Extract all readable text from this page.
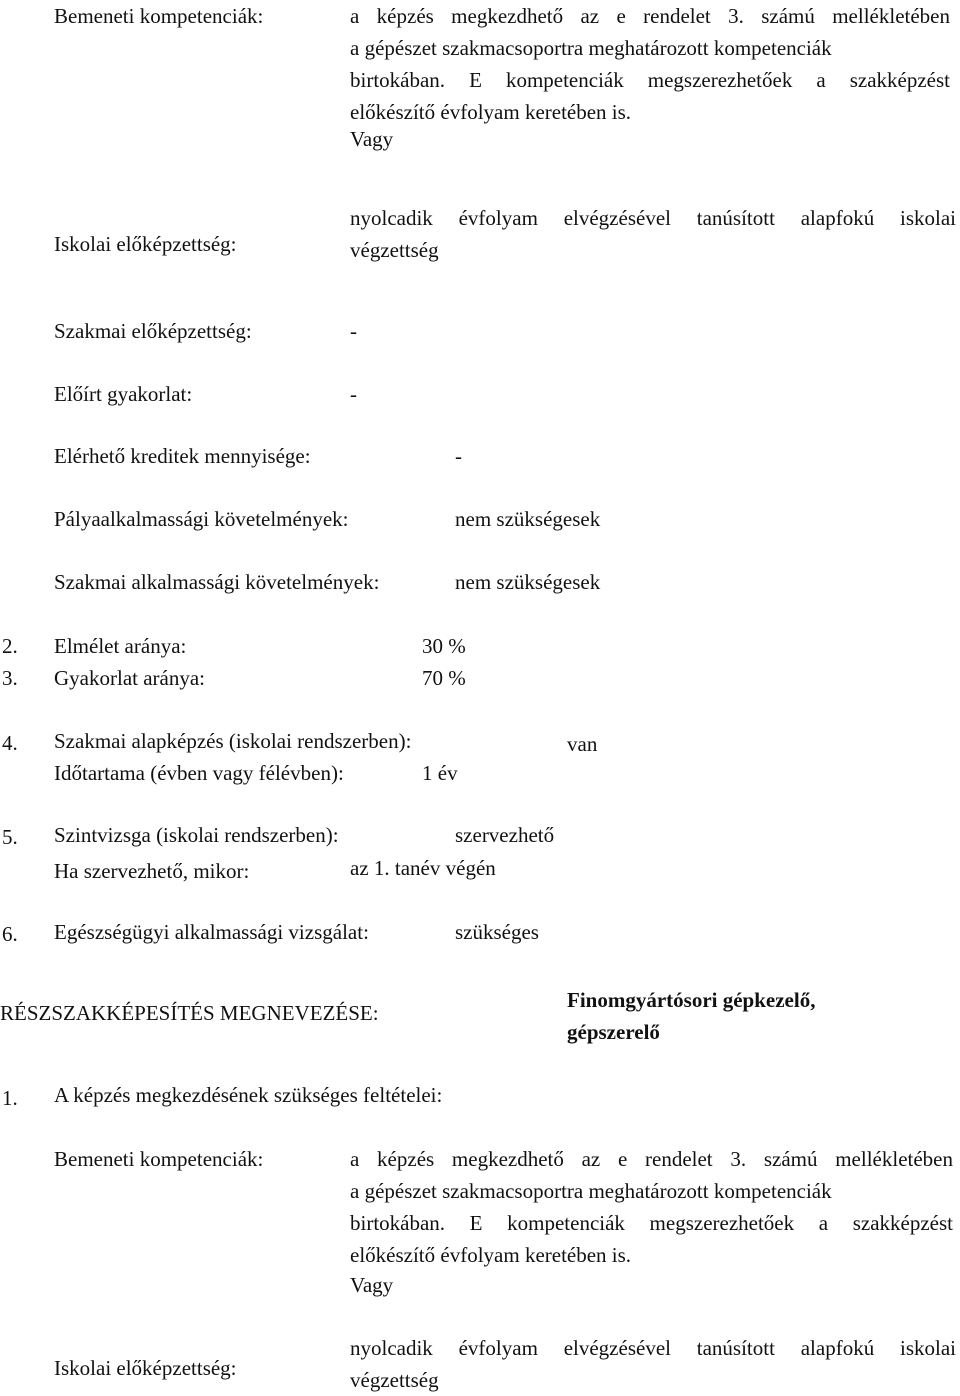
Bemeneti kompetenciák:	a képzés megkezdhető az e rendelet 3. számú mellékletében
a gépészet szakmacsoportra meghatározott kompetenciák
birtokában. E kompetenciák megszerezhetőek a szakképzést
előkészítő évfolyam keretében is.
Vagy
Iskolai előképzettség:
nyolcadik évfolyam elvégzésével tanúsított alapfokú iskolai
végzettség
Szakmai előképzettség:	-
Előírt gyakorlat:	-
Elérhető kreditek mennyisége:	-
Pályaalkalmassági követelmények:	nem szükségesek
Szakmai alkalmassági követelmények:	nem szükségesek
2. Elmélet aránya:	30 %
3. Gyakorlat aránya:	70 %
4. Szakmai alapképzés (iskolai rendszerben):	van
Időtartama (évben vagy félévben):	1 év
5. Szintvizsga (iskolai rendszerben):	szervezhető
Ha szervezhető, mikor:	az 1. tanév végén
6. Egészségügyi alkalmassági vizsgálat:	szükséges
RÉSZSZAKKÉPESÍTÉS MEGNEVEZÉSE:
Finomgyártósori gépkezelő,
gépszerelő
1. A képzés megkezdésének szükséges feltételei:
Bemeneti kompetenciák:	a képzés megkezdhető az e rendelet 3. számú mellékletében
a gépészet szakmacsoportra meghatározott kompetenciák
birtokában. E kompetenciák megszerezhetőek a szakképzést
előkészítő évfolyam keretében is.
Vagy
Iskolai előképzettség:
nyolcadik évfolyam elvégzésével tanúsított alapfokú iskolai
végzettség
